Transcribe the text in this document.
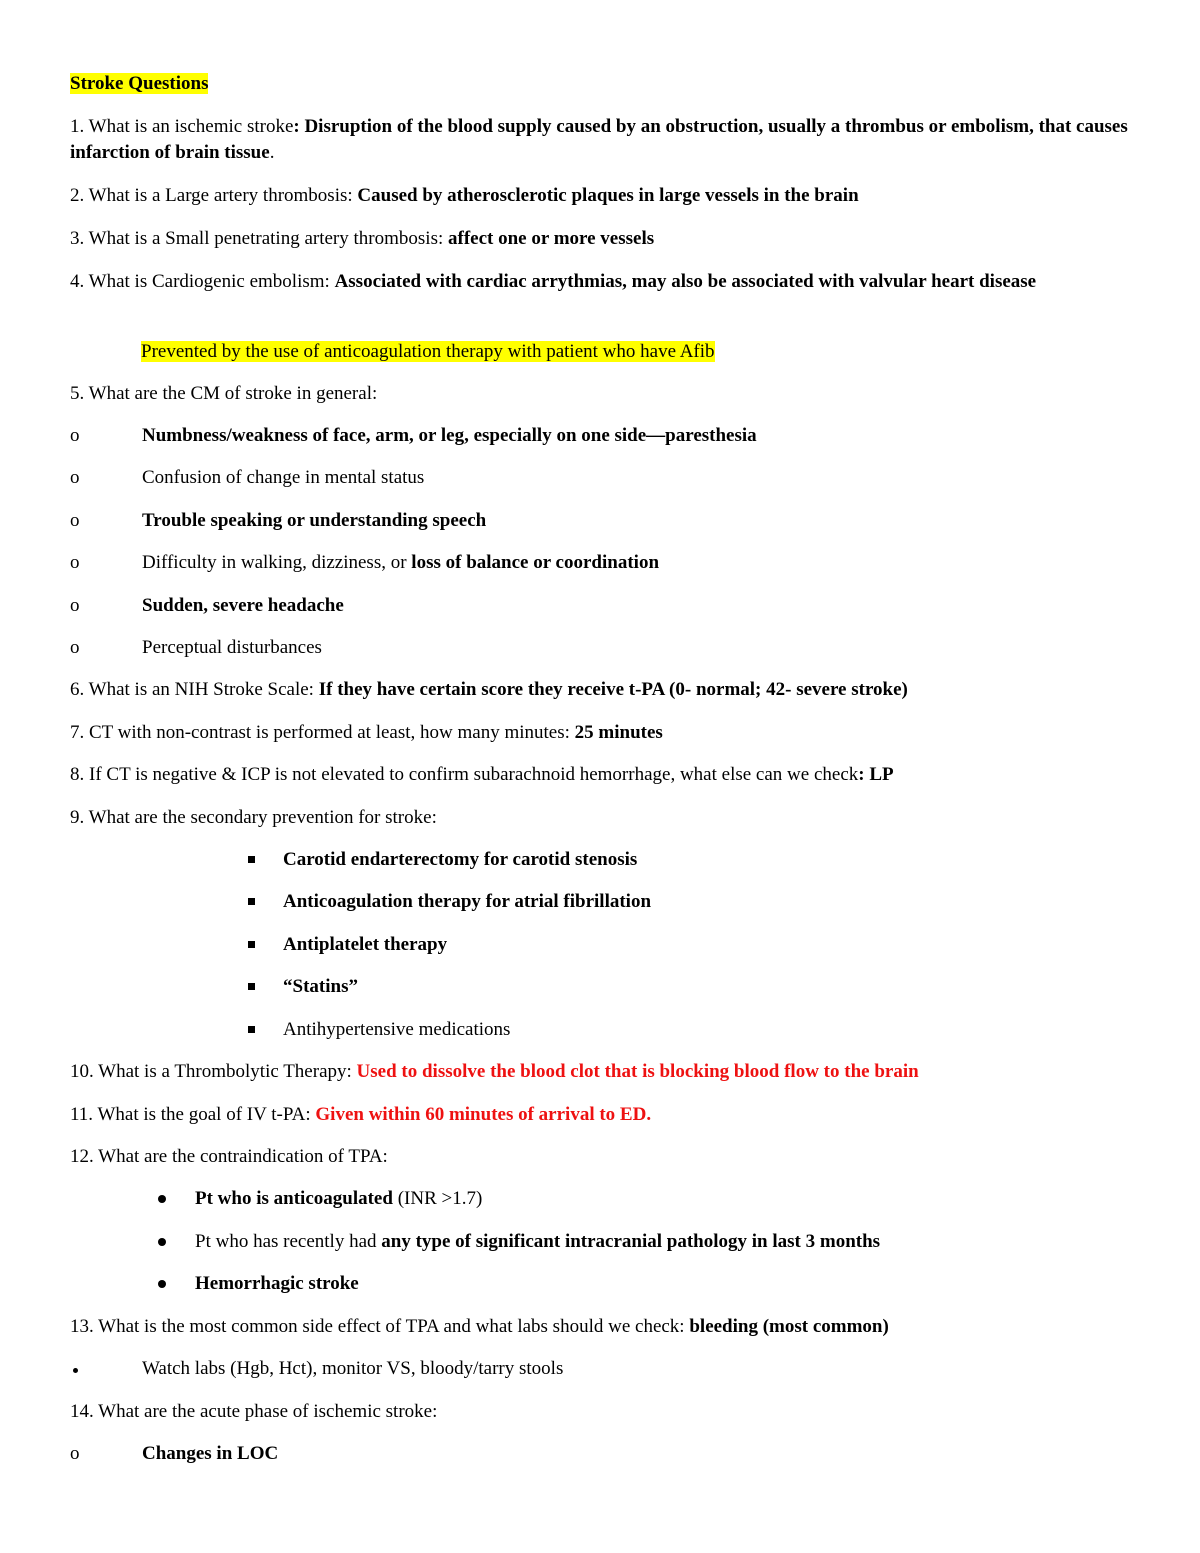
Stroke Questions
1. What is an ischemic stroke: Disruption of the blood supply caused by an obstruction, usually a thrombus or embolism, that causes infarction of brain tissue.
2. What is a Large artery thrombosis: Caused by atherosclerotic plaques in large vessels in the brain
3. What is a Small penetrating artery thrombosis: affect one or more vessels
4. What is Cardiogenic embolism: Associated with cardiac arrythmias, may also be associated with valvular heart disease
Prevented by the use of anticoagulation therapy with patient who have Afib
5. What are the CM of stroke in general:
o	Numbness/weakness of face, arm, or leg, especially on one side—paresthesia
o	Confusion of change in mental status
o	Trouble speaking or understanding speech
o	Difficulty in walking, dizziness, or loss of balance or coordination
o	Sudden, severe headache
o	Perceptual disturbances
6. What is an NIH Stroke Scale: If they have certain score they receive t-PA (0- normal; 42- severe stroke)
7. CT with non-contrast is performed at least, how many minutes: 25 minutes
8. If CT is negative & ICP is not elevated to confirm subarachnoid hemorrhage, what else can we check: LP
9. What are the secondary prevention for stroke:
Carotid endarterectomy for carotid stenosis
Anticoagulation therapy for atrial fibrillation
Antiplatelet therapy
“Statins”
Antihypertensive medications
10. What is a Thrombolytic Therapy: Used to dissolve the blood clot that is blocking blood flow to the brain
11. What is the goal of IV t-PA: Given within 60 minutes of arrival to ED.
12. What are the contraindication of TPA:
Pt who is anticoagulated (INR >1.7)
Pt who has recently had any type of significant intracranial pathology in last 3 months
Hemorrhagic stroke
13. What is the most common side effect of TPA and what labs should we check: bleeding (most common)
Watch labs (Hgb, Hct), monitor VS, bloody/tarry stools
14. What are the acute phase of ischemic stroke:
o	Changes in LOC
